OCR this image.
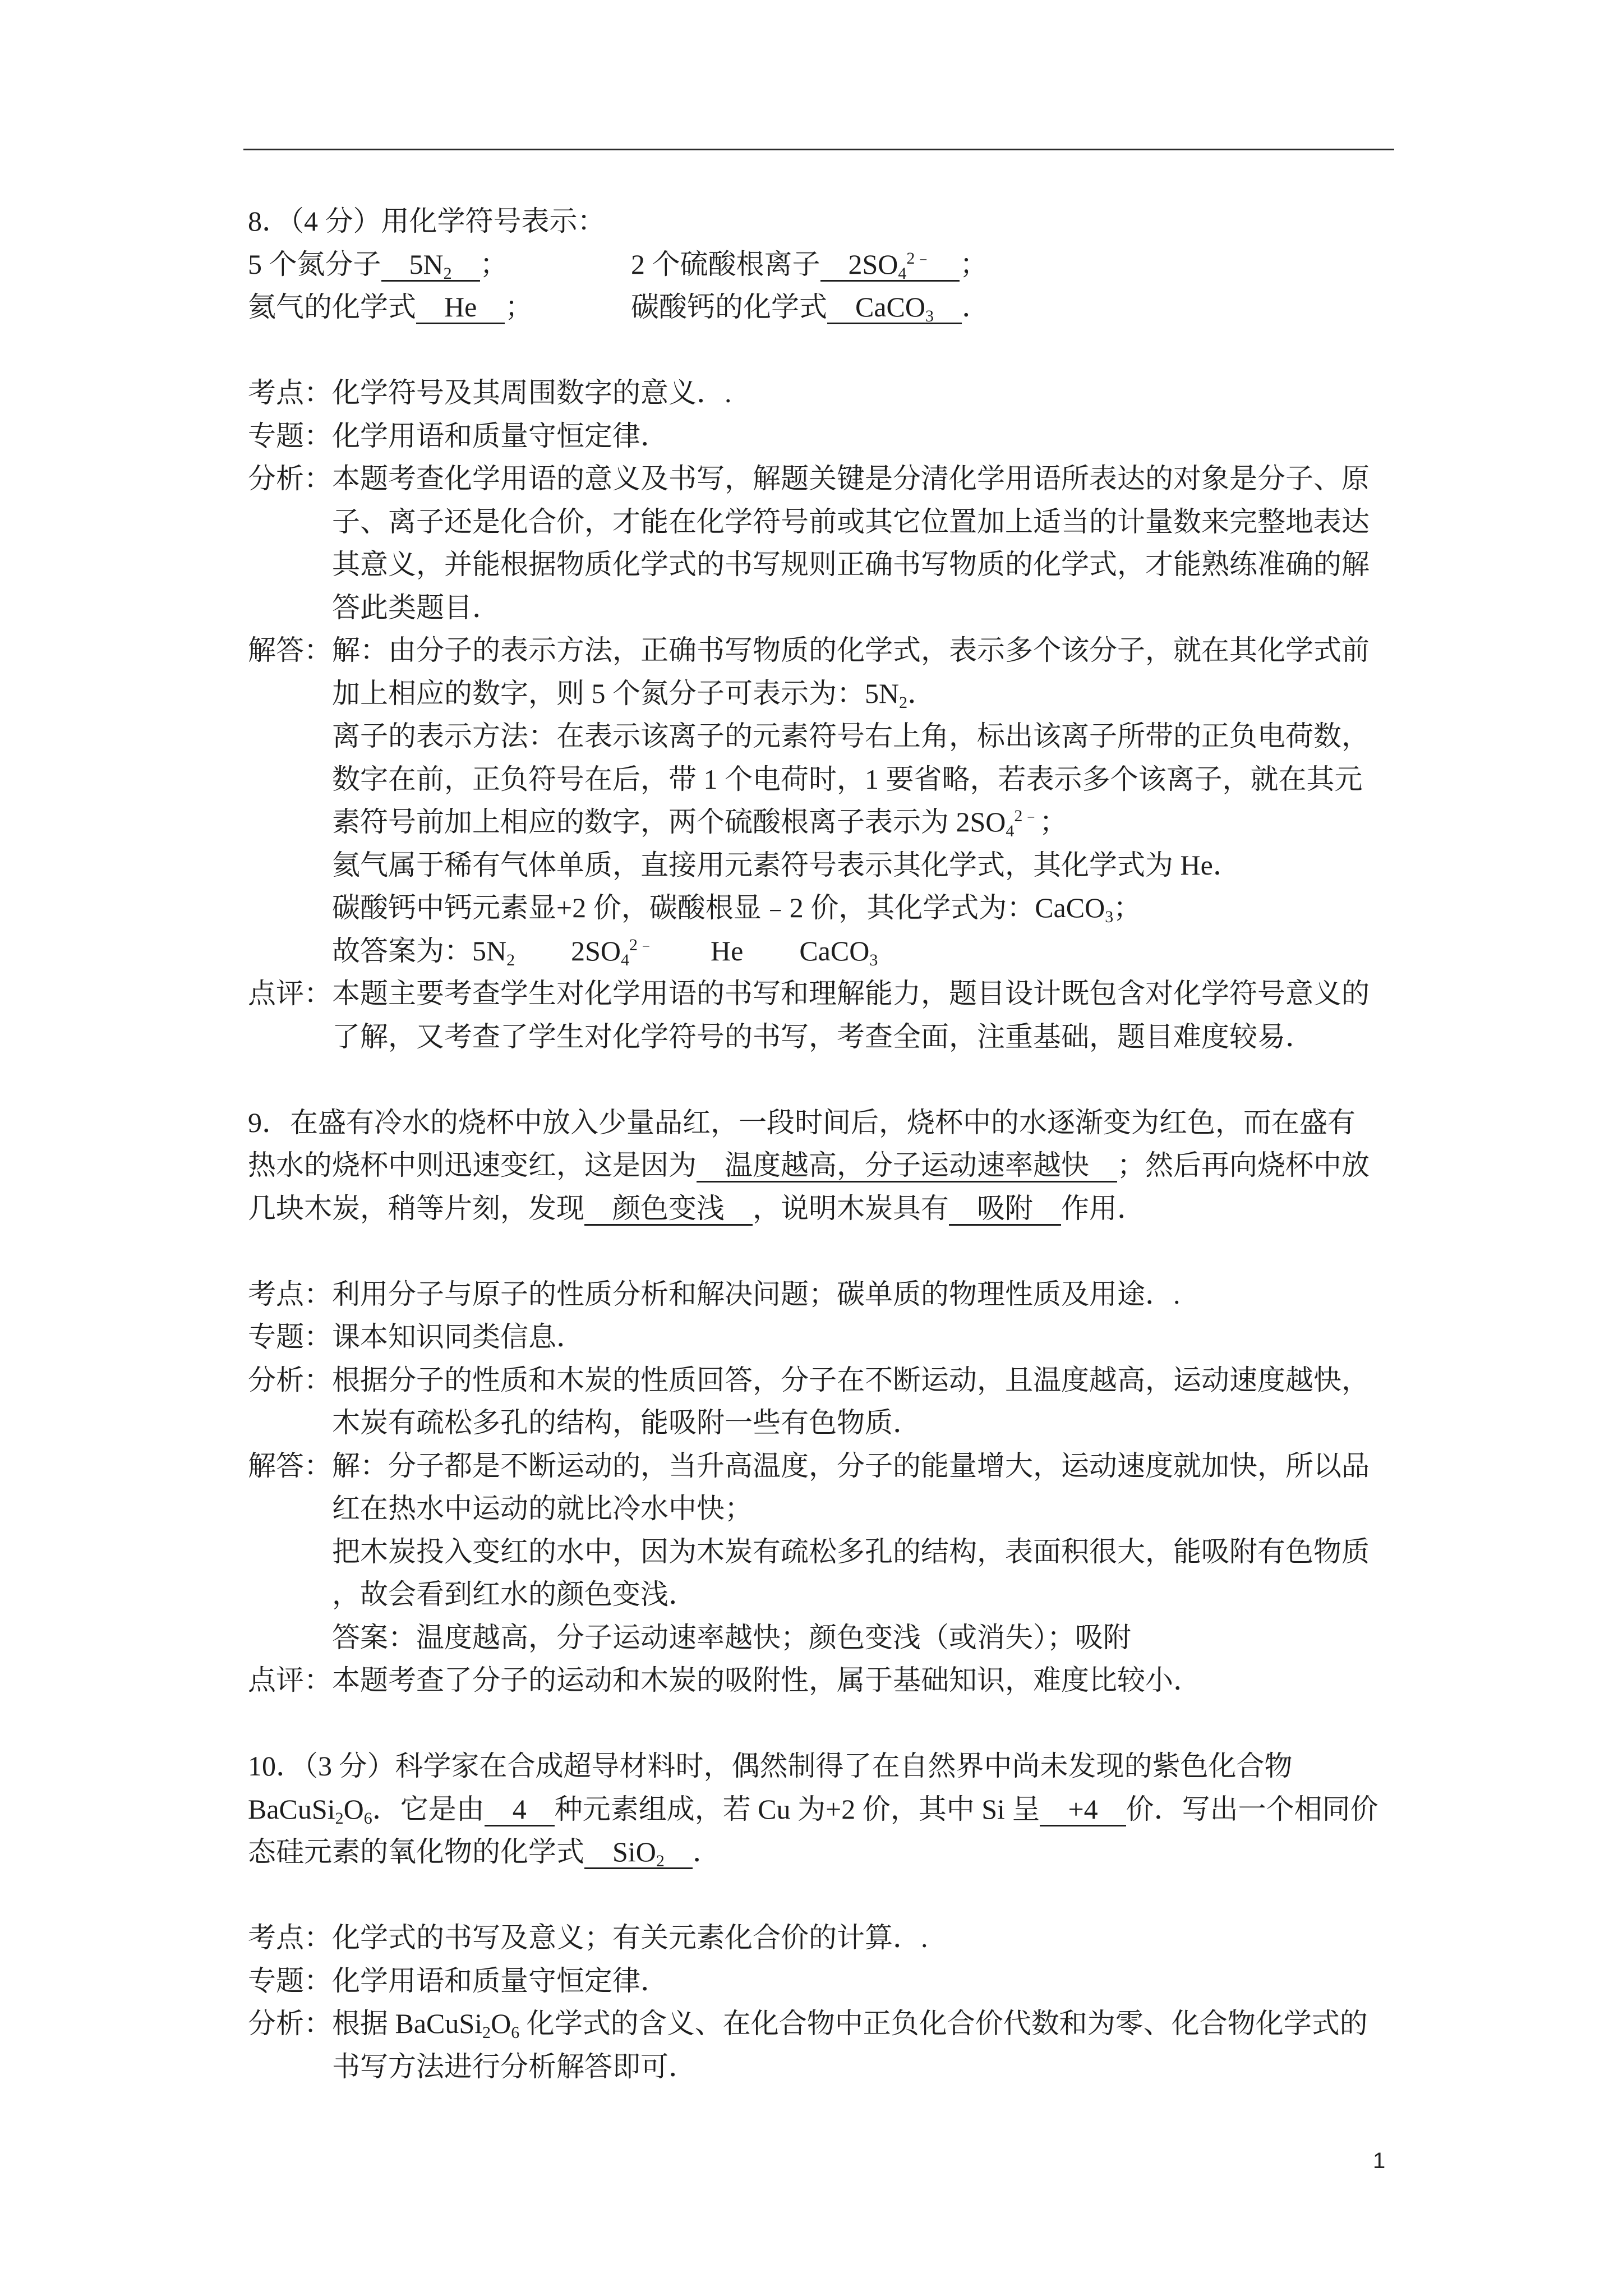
8．（4 分）用化学符号表示：
5 个氮分子 $5N_2$ ；	2 个硫酸根离子 $2SO_4^{2﹣}$ ；
氦气的化学式 He ；	碳酸钙的化学式 CaCO$_3$ ．
考点： 化学符号及其周围数字的意义．.
专题： 化学用语和质量守恒定律．
分析： 本题考查化学用语的意义及书写，解题关键是分清化学用语所表达的对象是分子、原
子、离子还是化合价，才能在化学符号前或其它位置加上适当的计量数来完整地表达
其意义，并能根据物质化学式的书写规则正确书写物质的化学式，才能熟练准确的解
答此类题目．
解答： 解：由分子的表示方法，正确书写物质的化学式，表示多个该分子，就在其化学式前
加上相应的数字，则 5 个氮分子可表示为：$5N_2$．
离子的表示方法：在表示该离子的元素符号右上角，标出该离子所带的正负电荷数，
数字在前，正负符号在后，带 1 个电荷时，1 要省略，若表示多个该离子，就在其元
素符号前加上相应的数字，两个硫酸根离子表示为 $2SO_4^{2﹣}$；
氦气属于稀有气体单质，直接用元素符号表示其化学式，其化学式为 He．
碳酸钙中钙元素显+2 价，碳酸根显﹣2 价，其化学式为：CaCO$_3$；
故答案为：$5N_2$        $2SO_4^{2﹣}$        He        CaCO$_3$
点评： 本题主要考查学生对化学用语的书写和理解能力，题目设计既包含对化学符号意义的
了解，又考查了学生对化学符号的书写，考查全面，注重基础，题目难度较易．
9．在盛有冷水的烧杯中放入少量品红，一段时间后，烧杯中的水逐渐变为红色，而在盛有
热水的烧杯中则迅速变红，这是因为 温度越高，分子运动速率越快 ；然后再向烧杯中放
几块木炭，稍等片刻，发现 颜色变浅 ，说明木炭具有 吸附 作用．
考点： 利用分子与原子的性质分析和解决问题；碳单质的物理性质及用途．.
专题： 课本知识同类信息．
分析： 根据分子的性质和木炭的性质回答，分子在不断运动，且温度越高，运动速度越快，
木炭有疏松多孔的结构，能吸附一些有色物质．
解答： 解：分子都是不断运动的，当升高温度，分子的能量增大，运动速度就加快，所以品
红在热水中运动的就比冷水中快；
把木炭投入变红的水中，因为木炭有疏松多孔的结构，表面积很大，能吸附有色物质
，故会看到红水的颜色变浅．
答案：温度越高，分子运动速率越快；颜色变浅（或消失）；吸附
点评： 本题考查了分子的运动和木炭的吸附性，属于基础知识，难度比较小．
10．（3 分）科学家在合成超导材料时，偶然制得了在自然界中尚未发现的紫色化合物
$BaCuSi_2O_6$．它是由 4 种元素组成，若 Cu 为+2 价，其中 Si 呈 +4 价．写出一个相同价
态硅元素的氧化物的化学式 SiO$_2$ ．
考点： 化学式的书写及意义；有关元素化合价的计算．.
专题： 化学用语和质量守恒定律．
分析： 根据 $BaCuSi_2O_6$ 化学式的含义、在化合物中正负化合价代数和为零、化合物化学式的
书写方法进行分析解答即可．
1
